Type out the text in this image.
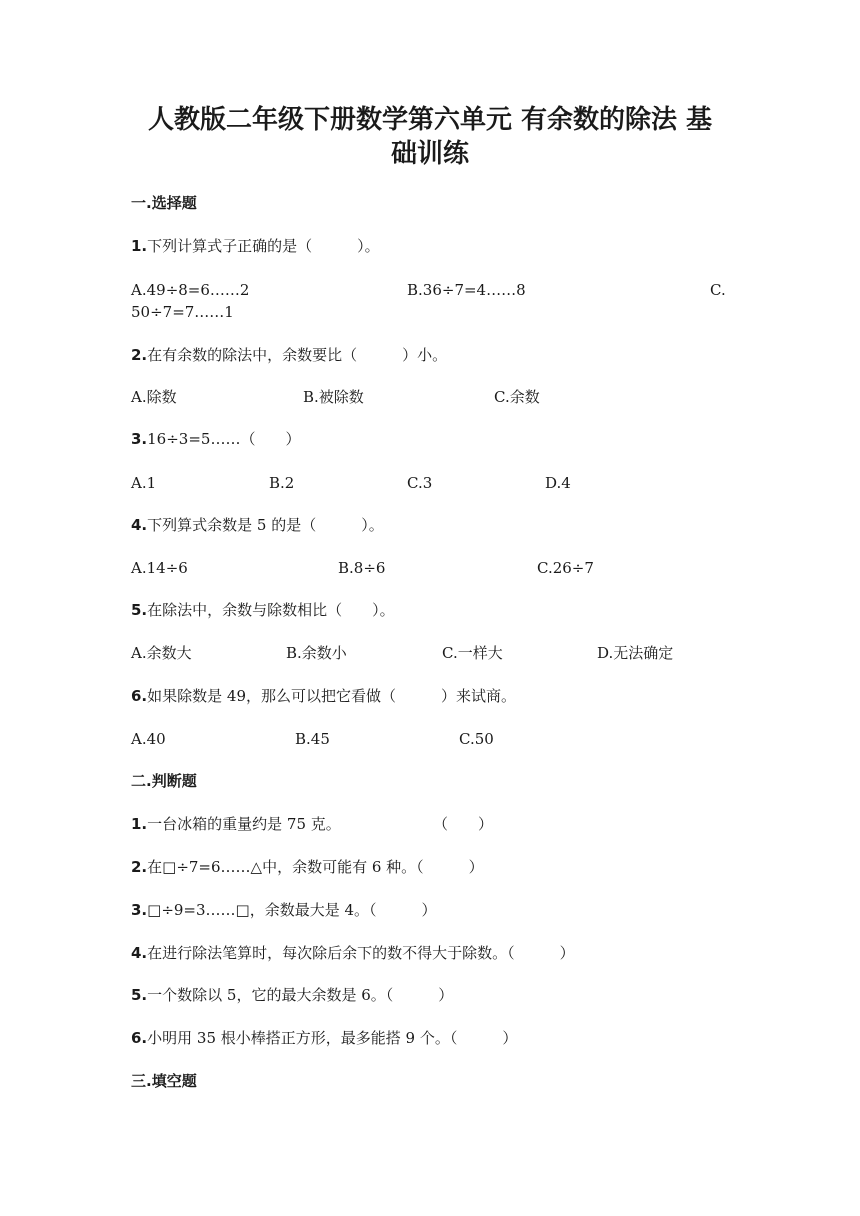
人教版二年级下册数学第六单元 有余数的除法 基
础训练
一.选择题
1.下列计算式子正确的是（　　　）。
A.49÷8=6……2	B.36÷7=4……8	C.
50÷7=7……1
2.在有余数的除法中，余数要比（　　　）小。
A.除数	B.被除数	C.余数
3.16÷3=5……（　　）
A.1	B.2	C.3	D.4
4.下列算式余数是 5 的是（　　　）。
A.14÷6	B.8÷6	C.26÷7
5.在除法中，余数与除数相比（　　）。
A.余数大	B.余数小	C.一样大	D.无法确定
6.如果除数是 49，那么可以把它看做（　　　）来试商。
A.40	B.45	C.50
二.判断题
1.一台冰箱的重量约是 75 克。	（　　）
2.在□÷7=6……△中，余数可能有 6 种。（　　　）
3.□÷9=3……□，余数最大是 4。（　　　）
4.在进行除法笔算时，每次除后余下的数不得大于除数。（　　　）
5.一个数除以 5，它的最大余数是 6。（　　　）
6.小明用 35 根小棒搭正方形，最多能搭 9 个。（　　　）
三.填空题
